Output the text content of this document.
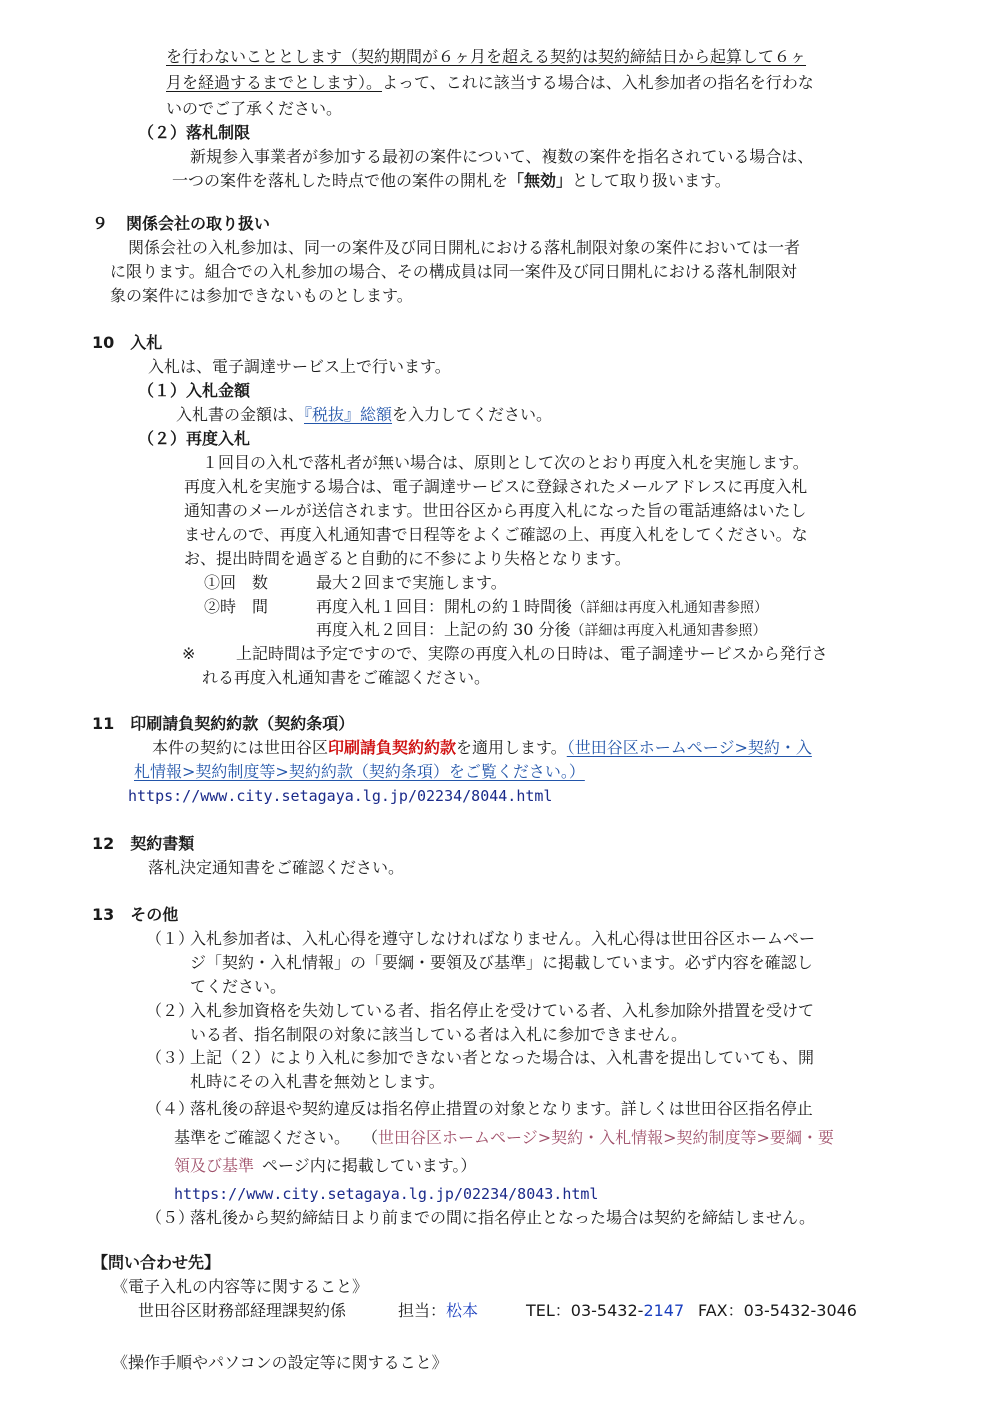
を行わないこととします（契約期間が６ヶ月を超える契約は契約締結日から起算して６ヶ
月を経過するまでとします）。よって、これに該当する場合は、入札参加者の指名を行わな
いのでご了承ください。
（２）落札制限
新規参入事業者が参加する最初の案件について、複数の案件を指名されている場合は、
一つの案件を落札した時点で他の案件の開札を「無効」として取り扱います。
９ 関係会社の取り扱い
関係会社の入札参加は、同一の案件及び同日開札における落札制限対象の案件においては一者
に限ります。組合での入札参加の場合、その構成員は同一案件及び同日開札における落札制限対
象の案件には参加できないものとします。
10 入札
入札は、電子調達サービス上で行います。
（１）入札金額
入札書の金額は、『税抜』総額を入力してください。
（２）再度入札
１回目の入札で落札者が無い場合は、原則として次のとおり再度入札を実施します。
再度入札を実施する場合は、電子調達サービスに登録されたメールアドレスに再度入札
通知書のメールが送信されます。世田谷区から再度入札になった旨の電話連絡はいたし
ませんので、再度入札通知書で日程等をよくご確認の上、再度入札をしてください。な
お、提出時間を過ぎると自動的に不参により失格となります。
①回　数	最大２回まで実施します。
②時　間	再度入札１回目：開札の約１時間後（詳細は再度入札通知書参照）
再度入札２回目：上記の約 30 分後（詳細は再度入札通知書参照）
※	上記時間は予定ですので、実際の再度入札の日時は、電子調達サービスから発行さ
れる再度入札通知書をご確認ください。
11 印刷請負契約約款（契約条項）
本件の契約には世田谷区印刷請負契約約款を適用します。（世田谷区ホームページ>契約・入
札情報>契約制度等>契約約款（契約条項）をご覧ください。）
https://www.city.setagaya.lg.jp/02234/8044.html
12 契約書類
落札決定通知書をご確認ください。
13 その他
（１）
入札参加者は、入札心得を遵守しなければなりません。入札心得は世田谷区ホームペー
ジ「契約・入札情報」の「要綱・要領及び基準」に掲載しています。必ず内容を確認し
てください。
（２）
入札参加資格を失効している者、指名停止を受けている者、入札参加除外措置を受けて
いる者、指名制限の対象に該当している者は入札に参加できません。
（３）
上記（２）により入札に参加できない者となった場合は、入札書を提出していても、開
札時にその入札書を無効とします。
（４）
落札後の辞退や契約違反は指名停止措置の対象となります。詳しくは世田谷区指名停止
基準をご確認ください。 （世田谷区ホームページ>契約・入札情報>契約制度等>要綱・要
領及び基準 ページ内に掲載しています。）
https://www.city.setagaya.lg.jp/02234/8043.html
（５）
落札後から契約締結日より前までの間に指名停止となった場合は契約を締結しません。
【問い合わせ先】
《電子入札の内容等に関すること》
世田谷区財務部経理課契約係	担当：松本	TEL：03-5432-2147 FAX：03-5432-3046
《操作手順やパソコンの設定等に関すること》
